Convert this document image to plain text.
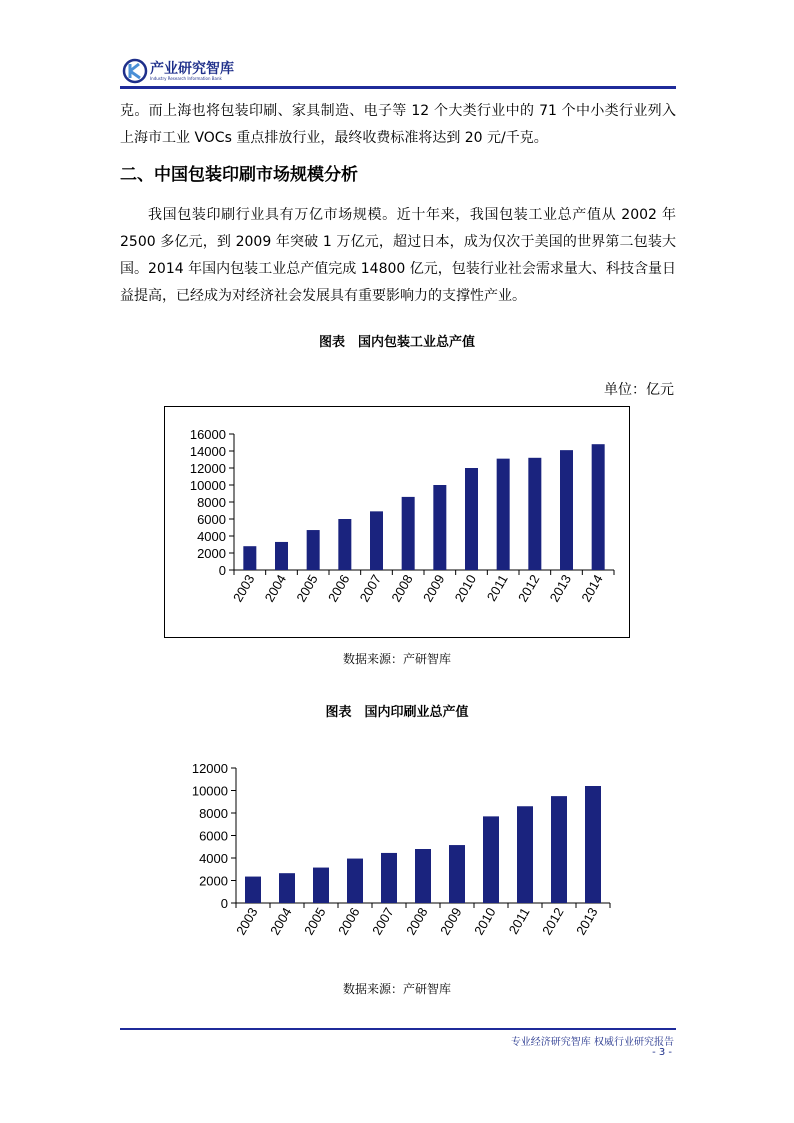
产业研究智库
Industry Research Information Bank

克。而上海也将包装印刷、家具制造、电子等 12 个大类行业中的 71 个中小类行业列入上海市工业 VOCs 重点排放行业，最终收费标准将达到 20 元/千克。

二、中国包装印刷市场规模分析

我国包装印刷行业具有万亿市场规模。近十年来，我国包装工业总产值从 2002 年 2500 多亿元，到 2009 年突破 1 万亿元，超过日本，成为仅次于美国的世界第二包装大国。2014 年国内包装工业总产值完成 14800 亿元，包装行业社会需求量大、科技含量日益提高，已经成为对经济社会发展具有重要影响力的支撑性产业。

图表　国内包装工业总产值
单位：亿元
0
2000
4000
6000
8000
10000
12000
14000
16000
2003 2004 2005 2006 2007 2008 2009 2010 2011 2012 2013 2014
数据来源：产研智库
图表　国内印刷业总产值
0
2000
4000
6000
8000
10000
12000
2003 2004 2005 2006 2007 2008 2009 2010 2011 2012 2013
数据来源：产研智库
专业经济研究智库 权威行业研究报告
- 3 -
